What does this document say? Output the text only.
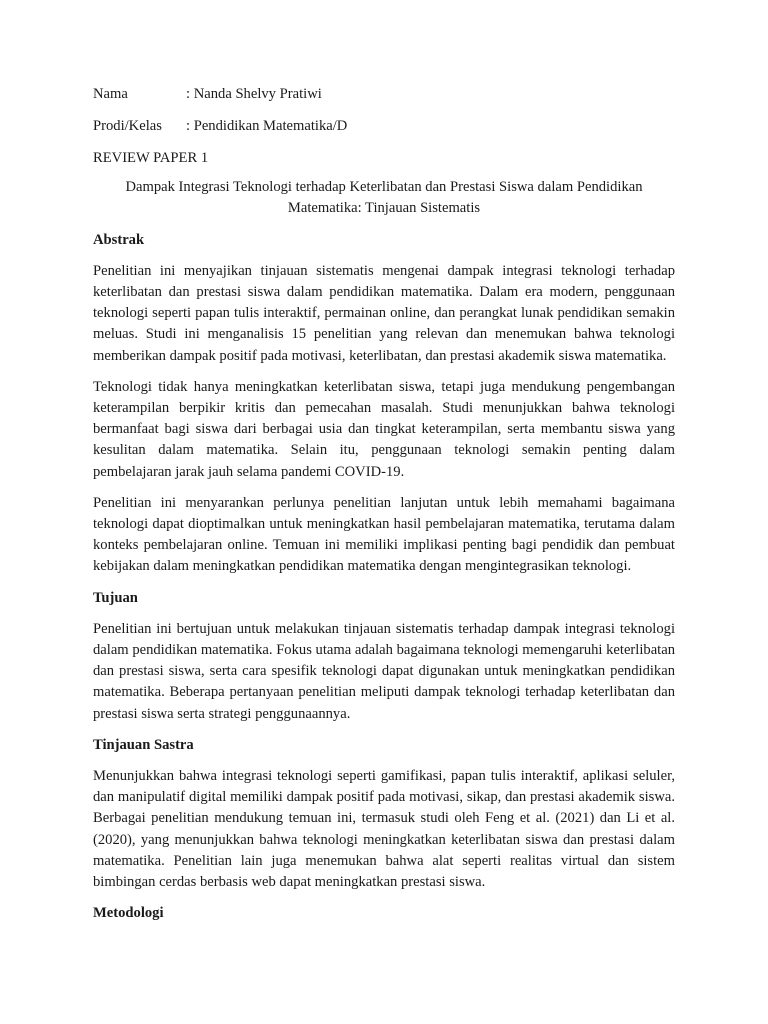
Nama	: Nanda Shelvy Pratiwi
Prodi/Kelas	: Pendidikan Matematika/D
REVIEW PAPER 1
Dampak Integrasi Teknologi terhadap Keterlibatan dan Prestasi Siswa dalam Pendidikan Matematika: Tinjauan Sistematis
Abstrak

Penelitian ini menyajikan tinjauan sistematis mengenai dampak integrasi teknologi terhadap keterlibatan dan prestasi siswa dalam pendidikan matematika. Dalam era modern, penggunaan teknologi seperti papan tulis interaktif, permainan online, dan perangkat lunak pendidikan semakin meluas. Studi ini menganalisis 15 penelitian yang relevan dan menemukan bahwa teknologi memberikan dampak positif pada motivasi, keterlibatan, dan prestasi akademik siswa matematika.

Teknologi tidak hanya meningkatkan keterlibatan siswa, tetapi juga mendukung pengembangan keterampilan berpikir kritis dan pemecahan masalah. Studi menunjukkan bahwa teknologi bermanfaat bagi siswa dari berbagai usia dan tingkat keterampilan, serta membantu siswa yang kesulitan dalam matematika. Selain itu, penggunaan teknologi semakin penting dalam pembelajaran jarak jauh selama pandemi COVID-19.

Penelitian ini menyarankan perlunya penelitian lanjutan untuk lebih memahami bagaimana teknologi dapat dioptimalkan untuk meningkatkan hasil pembelajaran matematika, terutama dalam konteks pembelajaran online. Temuan ini memiliki implikasi penting bagi pendidik dan pembuat kebijakan dalam meningkatkan pendidikan matematika dengan mengintegrasikan teknologi.

Tujuan

Penelitian ini bertujuan untuk melakukan tinjauan sistematis terhadap dampak integrasi teknologi dalam pendidikan matematika. Fokus utama adalah bagaimana teknologi memengaruhi keterlibatan dan prestasi siswa, serta cara spesifik teknologi dapat digunakan untuk meningkatkan pendidikan matematika. Beberapa pertanyaan penelitian meliputi dampak teknologi terhadap keterlibatan dan prestasi siswa serta strategi penggunaannya.

Tinjauan Sastra

Menunjukkan bahwa integrasi teknologi seperti gamifikasi, papan tulis interaktif, aplikasi seluler, dan manipulatif digital memiliki dampak positif pada motivasi, sikap, dan prestasi akademik siswa. Berbagai penelitian mendukung temuan ini, termasuk studi oleh Feng et al. (2021) dan Li et al. (2020), yang menunjukkan bahwa teknologi meningkatkan keterlibatan siswa dan prestasi dalam matematika. Penelitian lain juga menemukan bahwa alat seperti realitas virtual dan sistem bimbingan cerdas berbasis web dapat meningkatkan prestasi siswa.

Metodologi
